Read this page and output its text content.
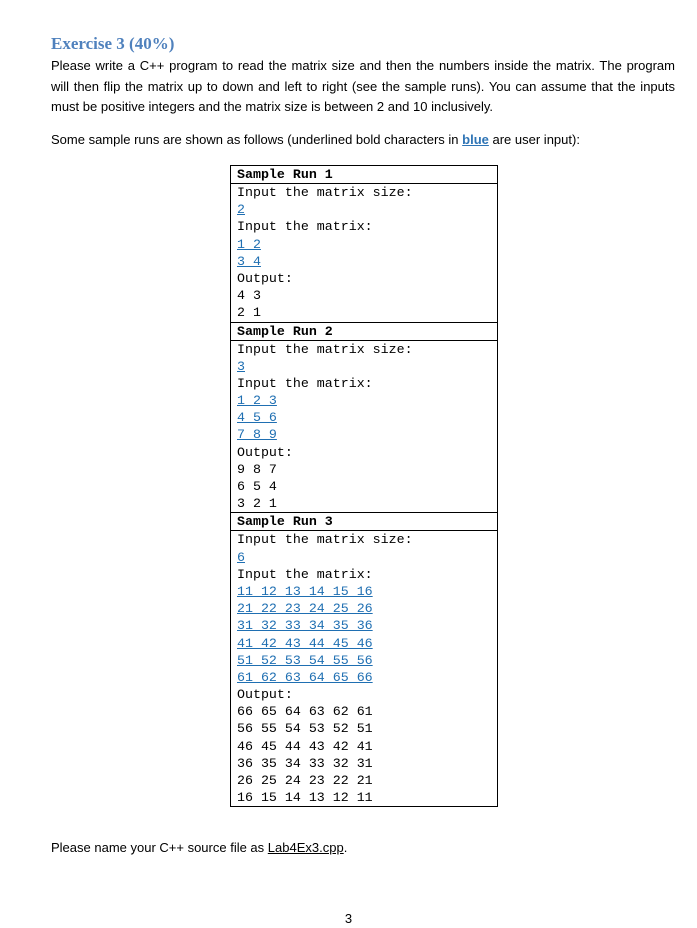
Exercise 3 (40%)
Please write a C++ program to read the matrix size and then the numbers inside the matrix. The program will then flip the matrix up to down and left to right (see the sample runs). You can assume that the inputs must be positive integers and the matrix size is between 2 and 10 inclusively.
Some sample runs are shown as follows (underlined bold characters in blue are user input):
Sample Run 1
Input the matrix size:
2
Input the matrix:
1 2
3 4
Output:
4 3
2 1
Sample Run 2
Input the matrix size:
3
Input the matrix:
1 2 3
4 5 6
7 8 9
Output:
9 8 7
6 5 4
3 2 1
Sample Run 3
Input the matrix size:
6
Input the matrix:
11 12 13 14 15 16
21 22 23 24 25 26
31 32 33 34 35 36
41 42 43 44 45 46
51 52 53 54 55 56
61 62 63 64 65 66
Output:
66 65 64 63 62 61
56 55 54 53 52 51
46 45 44 43 42 41
36 35 34 33 32 31
26 25 24 23 22 21
16 15 14 13 12 11
Please name your C++ source file as Lab4Ex3.cpp.
3
